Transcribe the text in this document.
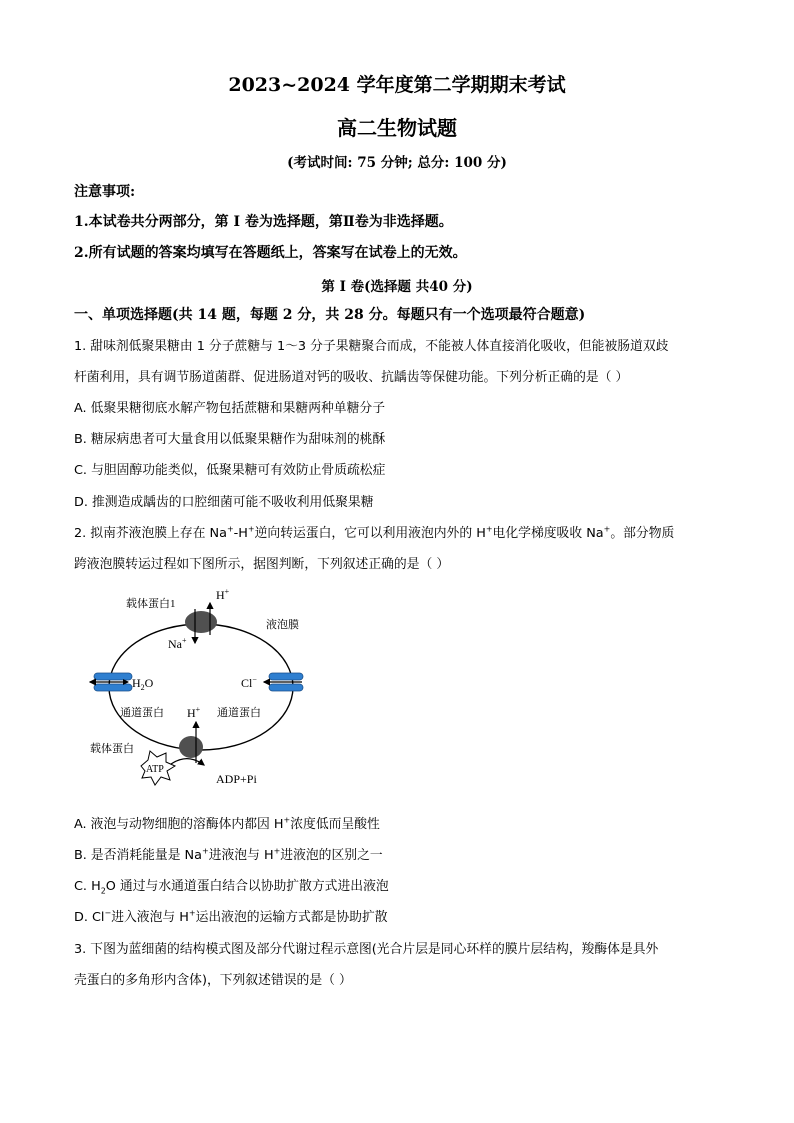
2023~2024 学年度第二学期期末考试
高二生物试题
(考试时间: 75 分钟; 总分: 100 分)
注意事项:
1.本试卷共分两部分，第 I 卷为选择题，第Ⅱ卷为非选择题。
2.所有试题的答案均填写在答题纸上，答案写在试卷上的无效。
第 I 卷(选择题 共40 分)
一、单项选择题(共 14 题，每题 2 分，共 28 分。每题只有一个选项最符合题意)
1. 甜味剂低聚果糖由 1 分子蔗糖与 1～3 分子果糖聚合而成，不能被人体直接消化吸收，但能被肠道双歧
杆菌利用，具有调节肠道菌群、促进肠道对钙的吸收、抗龋齿等保健功能。下列分析正确的是（ ）
A. 低聚果糖彻底水解产物包括蔗糖和果糖两种单糖分子
B. 糖尿病患者可大量食用以低聚果糖作为甜味剂的桃酥
C. 与胆固醇功能类似，低聚果糖可有效防止骨质疏松症
D. 推测造成龋齿的口腔细菌可能不吸收利用低聚果糖
2. 拟南芥液泡膜上存在 Na+-H+逆向转运蛋白，它可以利用液泡内外的 H+电化学梯度吸收 Na+。部分物质
跨液泡膜转运过程如下图所示，据图判断，下列叙述正确的是（ ）
载体蛋白1
H+
Na+
液泡膜
$H_2O$
通道蛋白
Cl−
通道蛋白
H+
载体蛋白
ATP
ADP+Pi
A. 液泡与动物细胞的溶酶体内都因 H+浓度低而呈酸性
B. 是否消耗能量是 Na+进液泡与 H+进液泡的区别之一
C. $H_2O$ 通过与水通道蛋白结合以协助扩散方式进出液泡
D. Cl−进入液泡与 H+运出液泡的运输方式都是协助扩散
3. 下图为蓝细菌的结构模式图及部分代谢过程示意图(光合片层是同心环样的膜片层结构，羧酶体是具外
壳蛋白的多角形内含体)，下列叙述错误的是（ ）
